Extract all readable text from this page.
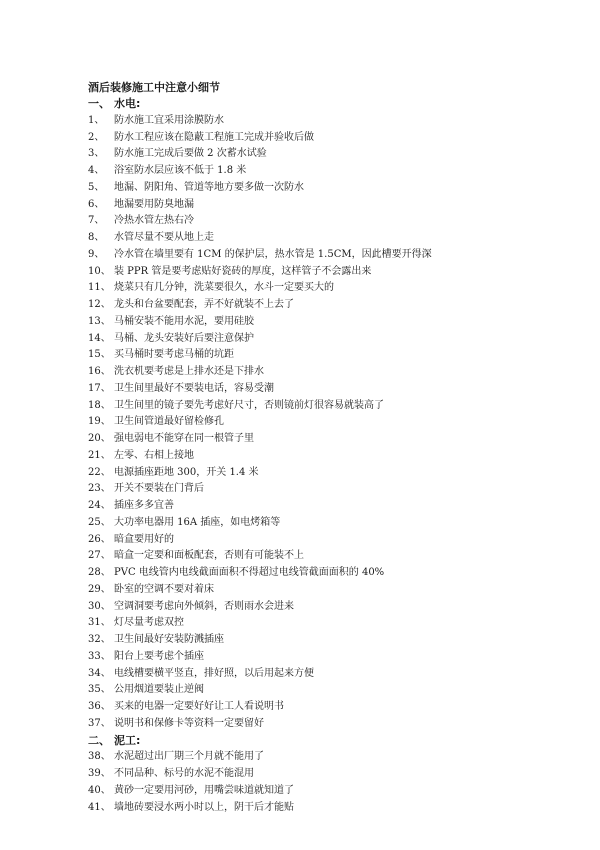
酒后装修施工中注意小细节
一、 水电:
1、 防水施工宜采用涂膜防水
2、 防水工程应该在隐蔽工程施工完成并验收后做
3、 防水施工完成后要做 2 次蓄水试验
4、 浴室防水层应该不低于 1.8 米
5、 地漏、阴阳角、管道等地方要多做一次防水
6、 地漏要用防臭地漏
7、 冷热水管左热右冷
8、 水管尽量不要从地上走
9、 冷水管在墙里要有 1CM 的保护层，热水管是 1.5CM，因此槽要开得深
10、 装 PPR 管是要考虑贴好瓷砖的厚度，这样管子不会露出来
11、 烧菜只有几分钟，洗菜要很久，水斗一定要买大的
12、 龙头和台盆要配套，弄不好就装不上去了
13、 马桶安装不能用水泥，要用硅胶
14、 马桶、龙头安装好后要注意保护
15、 买马桶时要考虑马桶的坑距
16、 洗衣机要考虑是上排水还是下排水
17、 卫生间里最好不要装电话，容易受潮
18、 卫生间里的镜子要先考虑好尺寸，否则镜前灯很容易就装高了
19、 卫生间管道最好留检修孔
20、 强电弱电不能穿在同一根管子里
21、 左零、右相上接地
22、 电源插座距地 300，开关 1.4 米
23、 开关不要装在门背后
24、 插座多多宜善
25、 大功率电器用 16A 插座，如电烤箱等
26、 暗盒要用好的
27、 暗盒一定要和面板配套，否则有可能装不上
28、 PVC 电线管内电线截面面积不得超过电线管截面面积的 40%
29、 卧室的空调不要对着床
30、 空调洞要考虑向外倾斜，否则雨水会进来
31、 灯尽量考虑双控
32、 卫生间最好安装防溅插座
33、 阳台上要考虑个插座
34、 电线槽要横平竖直，排好照，以后用起来方便
35、 公用烟道要装止逆阀
36、 买来的电器一定要好好让工人看说明书
37、 说明书和保修卡等资料一定要留好
二、 泥工:
38、 水泥超过出厂期三个月就不能用了
39、 不同品种、标号的水泥不能混用
40、 黄砂一定要用河砂，用嘴尝味道就知道了
41、 墙地砖要浸水两小时以上，阴干后才能贴
